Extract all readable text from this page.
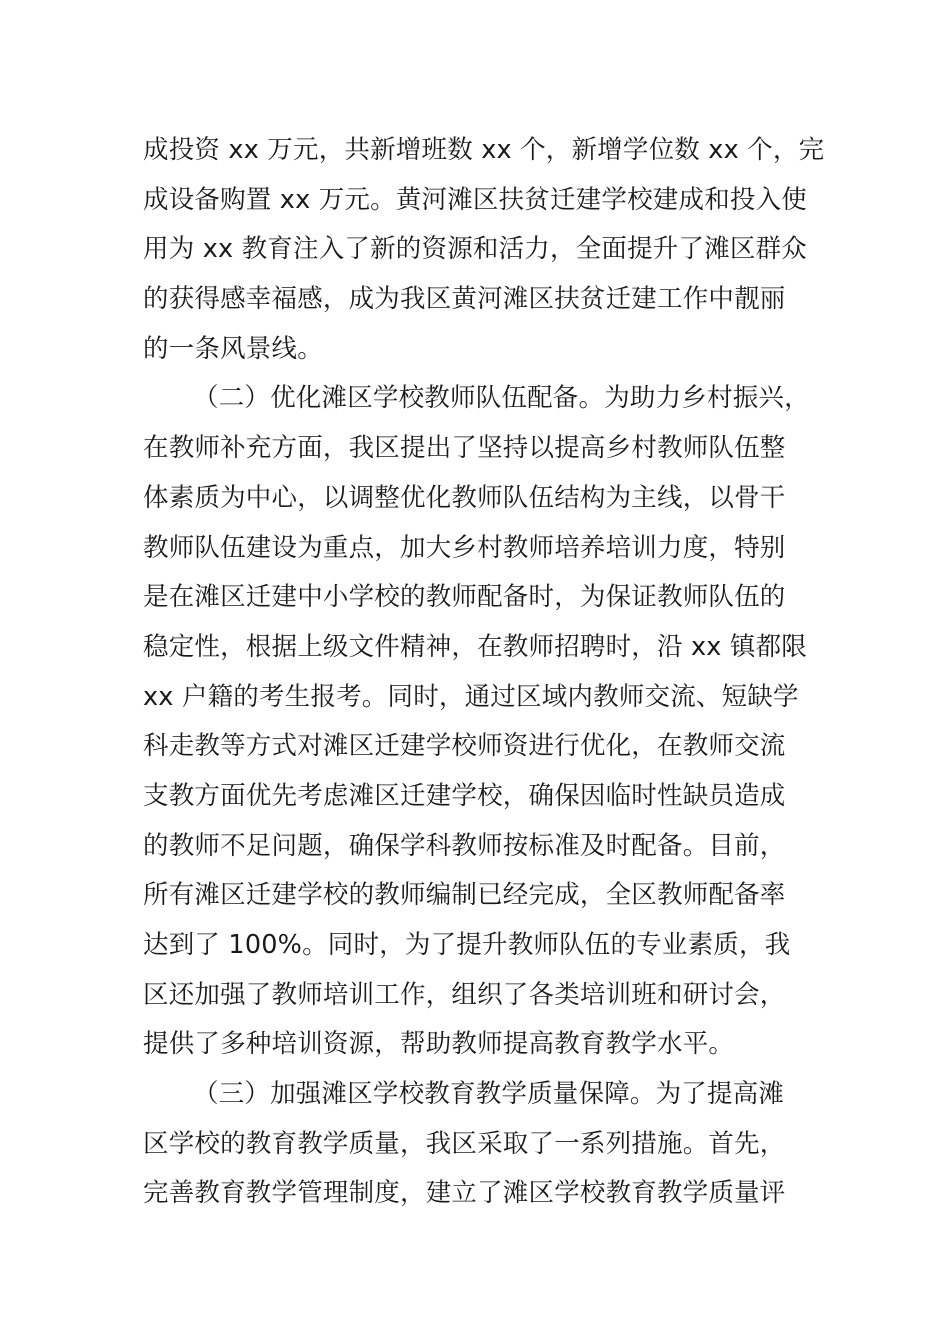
成投资 xx 万元，共新增班数 xx 个，新增学位数 xx 个，完
成设备购置 xx 万元。黄河滩区扶贫迁建学校建成和投入使
用为 xx 教育注入了新的资源和活力，全面提升了滩区群众
的获得感幸福感，成为我区黄河滩区扶贫迁建工作中靓丽
的一条风景线。
（二）优化滩区学校教师队伍配备。为助力乡村振兴，
在教师补充方面，我区提出了坚持以提高乡村教师队伍整
体素质为中心，以调整优化教师队伍结构为主线，以骨干
教师队伍建设为重点，加大乡村教师培养培训力度，特别
是在滩区迁建中小学校的教师配备时，为保证教师队伍的
稳定性，根据上级文件精神，在教师招聘时，沿 xx 镇都限
xx 户籍的考生报考。同时，通过区域内教师交流、短缺学
科走教等方式对滩区迁建学校师资进行优化，在教师交流
支教方面优先考虑滩区迁建学校，确保因临时性缺员造成
的教师不足问题，确保学科教师按标准及时配备。目前，
所有滩区迁建学校的教师编制已经完成，全区教师配备率
达到了 100%。同时，为了提升教师队伍的专业素质，我
区还加强了教师培训工作，组织了各类培训班和研讨会，
提供了多种培训资源，帮助教师提高教育教学水平。
（三）加强滩区学校教育教学质量保障。为了提高滩
区学校的教育教学质量，我区采取了一系列措施。首先，
完善教育教学管理制度，建立了滩区学校教育教学质量评
